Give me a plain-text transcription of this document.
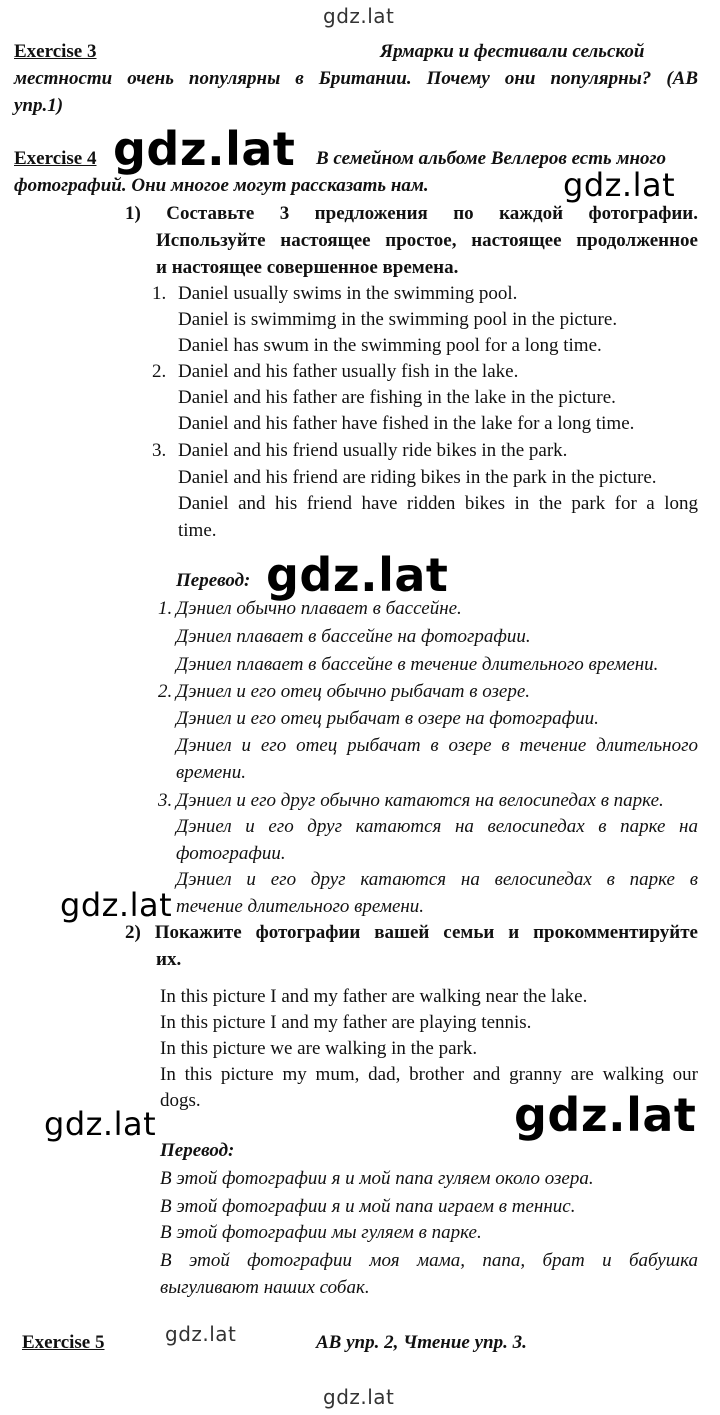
gdz.lat
gdz.lat
gdz.lat
gdz.lat
gdz.lat
gdz.lat	gdz.lat
gdz.lat
gdz.lat
Exercise 3	Ярмарки и фестивали сельской
местности очень популярны в Британии. Почему они популярны? (АВ
упр.1)
Exercise 4	В семейном альбоме Веллеров есть много
фотографий. Они многое могут рассказать нам.
1) Составьте 3 предложения по каждой фотографии.
Используйте настоящее простое, настоящее продолженное
и настоящее совершенное времена.
1. Daniel usually swims in the swimming pool.
Daniel is swimmimg in the swimming pool in the picture.
Daniel has swum in the swimming pool for a long time.
2. Daniel and his father usually fish in the lake.
Daniel and his father are fishing in the lake in the picture.
Daniel and his father have fished in the lake for a long time.
3. Daniel and his friend usually ride bikes in the park.
Daniel and his friend are riding bikes in the park in the picture.
Daniel and his friend have ridden bikes in the park for a long
time.
Перевод:
1. Дэниел обычно плавает в бассейне.
Дэниел плавает в бассейне на фотографии.
Дэниел плавает в бассейне в течение длительного времени.
2. Дэниел и его отец обычно рыбачат в озере.
Дэниел и его отец рыбачат в озере на фотографии.
Дэниел и его отец рыбачат в озере в течение длительного
времени.
3. Дэниел и его друг обычно катаются на велосипедах в парке.
Дэниел и его друг катаются на велосипедах в парке на
фотографии.
Дэниел и его друг катаются на велосипедах в парке в
течение длительного времени.
2) Покажите фотографии вашей семьи и прокомментируйте
их.
In this picture I and my father are walking near the lake.
In this picture I and my father are playing tennis.
In this picture we are walking in the park.
In this picture my mum, dad, brother and granny are walking our
dogs.
Перевод:
В этой фотографии я и мой папа гуляем около озера.
В этой фотографии я и мой папа играем в теннис.
В этой фотографии мы гуляем в парке.
В этой фотографии моя мама, папа, брат и бабушка
выгуливают наших собак.
Exercise 5	АВ упр. 2, Чтение упр. 3.
